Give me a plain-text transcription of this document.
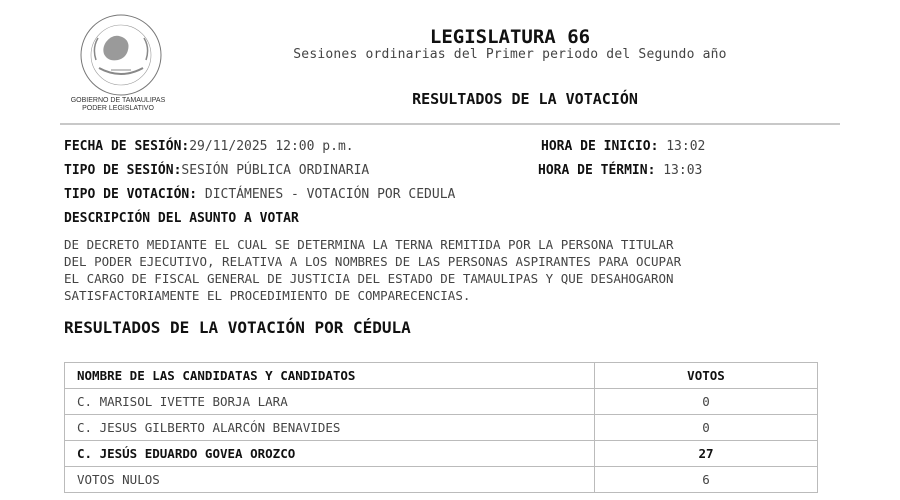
GOBIERNO DE TAMAULIPAS
PODER LEGISLATIVO
LEGISLATURA 66
Sesiones ordinarias del Primer periodo del Segundo año
RESULTADOS DE LA VOTACIÓN
FECHA DE SESIÓN:29/11/2025 12:00 p.m.	HORA DE INICIO: 13:02
TIPO DE SESIÓN:SESIÓN PÚBLICA ORDINARIA	HORA DE TÉRMIN: 13:03
TIPO DE VOTACIÓN: DICTÁMENES - VOTACIÓN POR CEDULA
DESCRIPCIÓN DEL ASUNTO A VOTAR
DE DECRETO MEDIANTE EL CUAL SE DETERMINA LA TERNA REMITIDA POR LA PERSONA TITULAR
DEL PODER EJECUTIVO, RELATIVA A LOS NOMBRES DE LAS PERSONAS ASPIRANTES PARA OCUPAR
EL CARGO DE FISCAL GENERAL DE JUSTICIA DEL ESTADO DE TAMAULIPAS Y QUE DESAHOGARON
SATISFACTORIAMENTE EL PROCEDIMIENTO DE COMPARECENCIAS.
RESULTADOS DE LA VOTACIÓN POR CÉDULA
NOMBRE DE LAS CANDIDATAS Y CANDIDATOS	VOTOS
C. MARISOL IVETTE BORJA LARA	0
C. JESUS GILBERTO ALARCÓN BENAVIDES	0
C. JESÚS EDUARDO GOVEA OROZCO	27
VOTOS NULOS	6
